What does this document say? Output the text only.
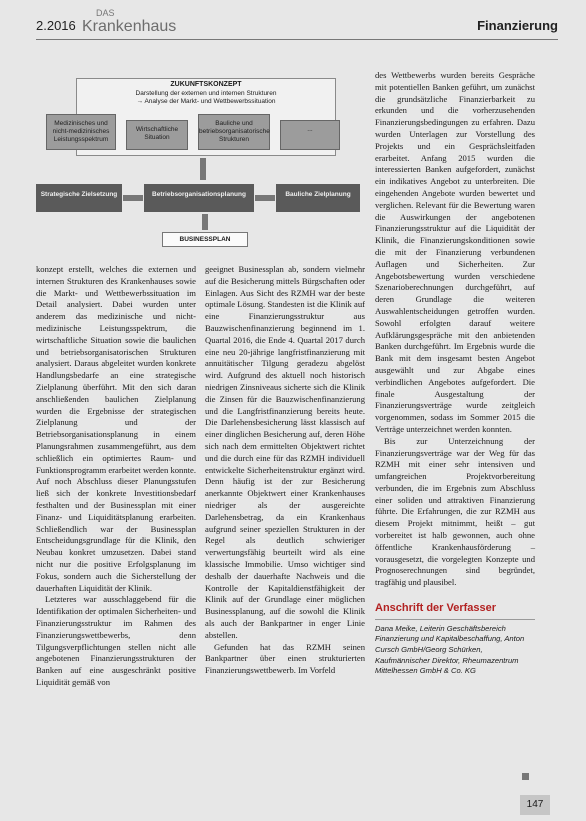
2.2016
DAS
Krankenhaus	Finanzierung
ZUKUNFTSKONZEPT
Darstellung der externen und internen Strukturen
→ Analyse der Markt- und Wettbewerbssituation
Medizinisches und nicht-medizinisches Leistungsspektrum
Wirtschaftliche Situation
Bauliche und betriebsorganisatorische Strukturen
...
Strategische Zielsetzung	Betriebsorganisationsplanung	Bauliche Zielplanung
BUSINESSPLAN

konzept erstellt, welches die externen und internen Strukturen des Krankenhauses sowie die Markt- und Wettbewerbssituation im Detail analysiert. Dabei wurden unter anderem das medizinische und nicht-medizinische Leistungsspektrum, die wirtschaftliche Situation sowie die baulichen und betriebsorganisatorischen Strukturen analysiert. Daraus abgeleitet wurden konkrete Handlungsbedarfe an eine strategische Zielplanung überführt. Mit den sich daran anschließenden baulichen Zielplanung wurden die Ergebnisse der strategischen Zielplanung und der Betriebsorganisationsplanung in einem Planungsrahmen zusammengeführt, aus dem schließlich ein optimiertes Raum- und Funktionsprogramm erarbeitet werden konnte. Auf noch Abschluss dieser Planungsstufen ließ sich der konkrete Investitionsbedarf festhalten und der Businessplan mit einer Finanz- und Liquiditätsplanung erarbeiten. Schließendlich war der Businessplan Entscheidungsgrundlage für die Klinik, den Neubau konkret umzusetzen. Dabei stand nicht nur die positive Erfolgsplanung im Fokus, sondern auch die Sicherstellung der dauerhaften Liquidität der Klinik.

Letzteres war ausschlaggebend für die Identifikation der optimalen Sicherheiten- und Finanzierungsstruktur im Rahmen des Finanzierungswettbewerbs, denn Tilgungsverpflichtungen stellen nicht alle angebotenen Finanzierungsstrukturen der Banken auf eine ausgeschränkt positive Liquidität gemäß von

geeignet Businessplan ab, sondern vielmehr auf die Besicherung mittels Bürgschaften oder Einlagen. Aus Sicht des RZMH war der beste optimale Lösung. Standesten ist die Klinik auf eine Finanzierungsstruktur aus Bauzwischenfinanzierung beginnend im 1. Quartal 2016, die Ende 4. Quartal 2017 durch eine neu 20-jährige langfristfinanzierung mit annuitätischer Tilgung geradezu abgelöst wird. Aufgrund des aktuell noch historisch niedrigen Zinsniveaus sicherte sich die Klinik die Zinsen für die Bauzwischenfinanzierung und die Langfristfinanzierung bereits heute. Die Darlehensbesicherung lässt klassisch auf einer dinglichen Besicherung auf, deren Höhe sich nach dem ermittelten Objektwert richtet und die durch eine für das RZMH individuell entwickelte Sicherheitenstruktur ergänzt wird. Denn häufig ist der zur Besicherung anerkannte Objektwert einer Krankenhauses niedriger als der ausgereichte Darlehensbetrag, da ein Krankenhaus aufgrund seiner speziellen Strukturen in der Regel als deutlich schwieriger verwertungsfähig beurteilt wird als eine klassische Immobilie. Umso wichtiger sind deshalb der dauerhafte Nachweis und die Kontrolle der Kapitaldienstfähigkeit der Klinik auf der Grundlage einer möglichen Businessplanung, auf die sowohl die Klinik als auch der Bankpartner in enger Linie abstellen.

Gefunden hat das RZMH seinen Bankpartner über einen strukturierten Finanzierungswettbewerb. Im Vorfeld

des Wettbewerbs wurden bereits Gespräche mit potentiellen Banken geführt, um zunächst die grundsätzliche Finanzierbarkeit zu erkunden und die vorherzusehenden Finanzierungsbedingungen zu erfahren. Dazu wurden Unterlagen zur Vorstellung des Projekts und ein Gesprächsleitfaden erarbeitet. Anfang 2015 wurden die interessierten Banken aufgefordert, zunächst ein indikatives Angebot zu unterbreiten. Die eingehenden Angebote wurden bewertet und verglichen. Relevant für die Bewertung waren die Auswirkungen der angebotenen Finanzierungsstruktur auf die Liquidität der Klinik, die Finanzierungskonditionen sowie die mit der Finanzierung verbundenen Auflagen und Sicherheiten. Zur Angebotsbewertung wurden verschiedene Szenarioberechnungen durchgeführt, auf deren Grundlage die weiteren Auswahlentscheidungen getroffen wurden. Sowohl erfolgten darauf weitere Aufklärungsgespräche mit den anbietenden Banken durchgeführt. Im Ergebnis wurde die Bank mit dem insgesamt besten Angebot ausgewählt und zur Abgabe eines verbindlichen Angebotes aufgefordert. Die finale Ausgestaltung der Finanzierungsverträge wurde zeitgleich vorgenommen, sodass im Sommer 2015 die Verträge unterzeichnet werden konnten.

Bis zur Unterzeichnung der Finanzierungsverträge war der Weg für das RZMH mit einer sehr intensiven und umfangreichen Projektvorbereitung verbunden, die im Ergebnis zum Abschluss einer soliden und attraktiven Finanzierung führte. Die Erfahrungen, die zur RZMH aus diesem Projekt mitnimmt, heißt – gut vorbereitet ist halb gewonnen, auch ohne öffentliche Krankenhausförderung – vorausgesetzt, die vorgelegten Konzepte und Prognoserechnungen sind begründet, tragfähig und plausibel.

Anschrift der Verfasser

Dana Meike, Leiterin Geschäftsbereich Finanzierung und Kapitalbeschaffung, Anton Cursch GmbH/Georg Schürken, Kaufmännischer Direktor, Rheumazentrum Mittelhessen GmbH & Co. KG

147
